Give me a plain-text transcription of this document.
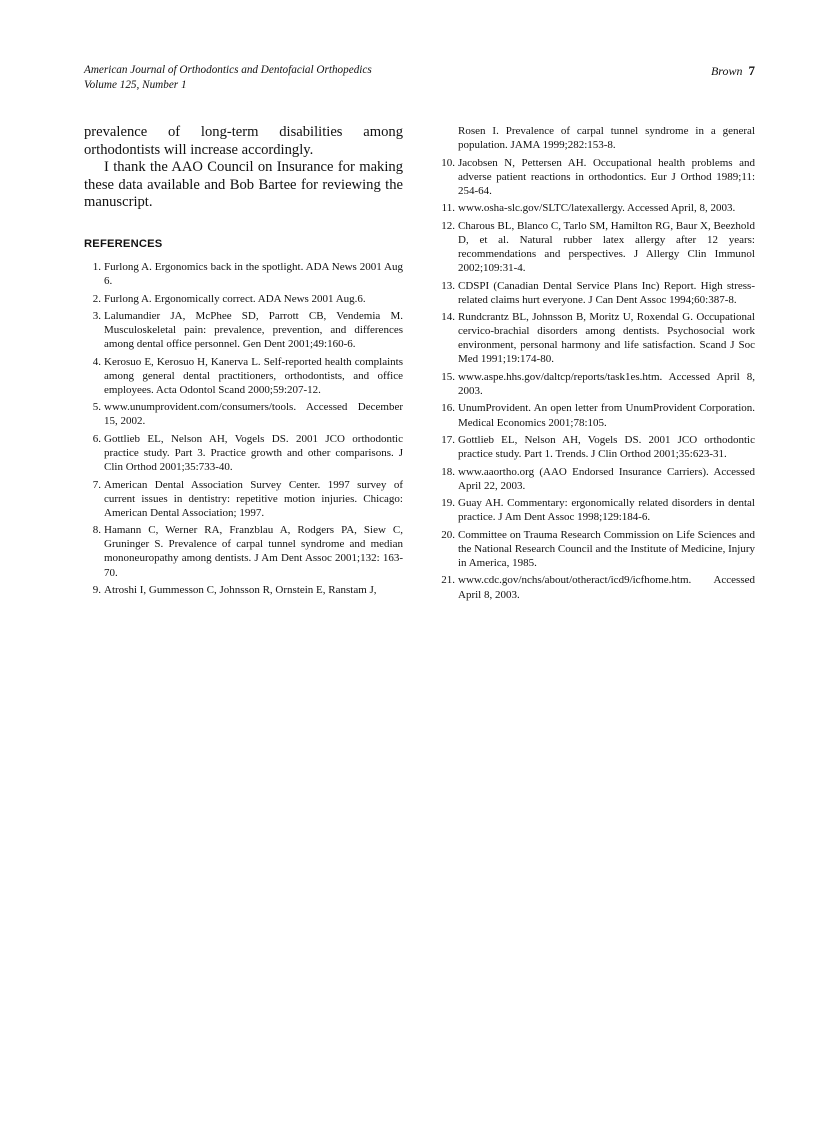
American Journal of Orthodontics and Dentofacial Orthopedics
Volume 125, Number 1
Brown 7

prevalence of long-term disabilities among orthodontists will increase accordingly.

I thank the AAO Council on Insurance for making these data available and Bob Bartee for reviewing the manuscript.

REFERENCES
1. Furlong A. Ergonomics back in the spotlight. ADA News 2001 Aug 6.
2. Furlong A. Ergonomically correct. ADA News 2001 Aug.6.
3. Lalumandier JA, McPhee SD, Parrott CB, Vendemia M. Musculoskeletal pain: prevalence, prevention, and differences among dental office personnel. Gen Dent 2001;49:160-6.
4. Kerosuo E, Kerosuo H, Kanerva L. Self-reported health complaints among general dental practitioners, orthodontists, and office employees. Acta Odontol Scand 2000;59:207-12.
5. www.unumprovident.com/consumers/tools. Accessed December 15, 2002.
6. Gottlieb EL, Nelson AH, Vogels DS. 2001 JCO orthodontic practice study. Part 3. Practice growth and other comparisons. J Clin Orthod 2001;35:733-40.
7. American Dental Association Survey Center. 1997 survey of current issues in dentistry: repetitive motion injuries. Chicago: American Dental Association; 1997.
8. Hamann C, Werner RA, Franzblau A, Rodgers PA, Siew C, Gruninger S. Prevalence of carpal tunnel syndrome and median mononeuropathy among dentists. J Am Dent Assoc 2001;132: 163-70.
9. Atroshi I, Gummesson C, Johnsson R, Ornstein E, Ranstam J,
Rosen I. Prevalence of carpal tunnel syndrome in a general population. JAMA 1999;282:153-8.
10. Jacobsen N, Pettersen AH. Occupational health problems and adverse patient reactions in orthodontics. Eur J Orthod 1989;11: 254-64.
11. www.osha-slc.gov/SLTC/latexallergy. Accessed April, 8, 2003.
12. Charous BL, Blanco C, Tarlo SM, Hamilton RG, Baur X, Beezhold D, et al. Natural rubber latex allergy after 12 years: recommendations and perspectives. J Allergy Clin Immunol 2002;109:31-4.
13. CDSPI (Canadian Dental Service Plans Inc) Report. High stress-related claims hurt everyone. J Can Dent Assoc 1994;60:387-8.
14. Rundcrantz BL, Johnsson B, Moritz U, Roxendal G. Occupational cervico-brachial disorders among dentists. Psychosocial work environment, personal harmony and life satisfaction. Scand J Soc Med 1991;19:174-80.
15. www.aspe.hhs.gov/daltcp/reports/task1es.htm. Accessed April 8, 2003.
16. UnumProvident. An open letter from UnumProvident Corporation. Medical Economics 2001;78:105.
17. Gottlieb EL, Nelson AH, Vogels DS. 2001 JCO orthodontic practice study. Part 1. Trends. J Clin Orthod 2001;35:623-31.
18. www.aaortho.org (AAO Endorsed Insurance Carriers). Accessed April 22, 2003.
19. Guay AH. Commentary: ergonomically related disorders in dental practice. J Am Dent Assoc 1998;129:184-6.
20. Committee on Trauma Research Commission on Life Sciences and the National Research Council and the Institute of Medicine, Injury in America, 1985.
21. www.cdc.gov/nchs/about/otheract/icd9/icfhome.htm. Accessed April 8, 2003.
